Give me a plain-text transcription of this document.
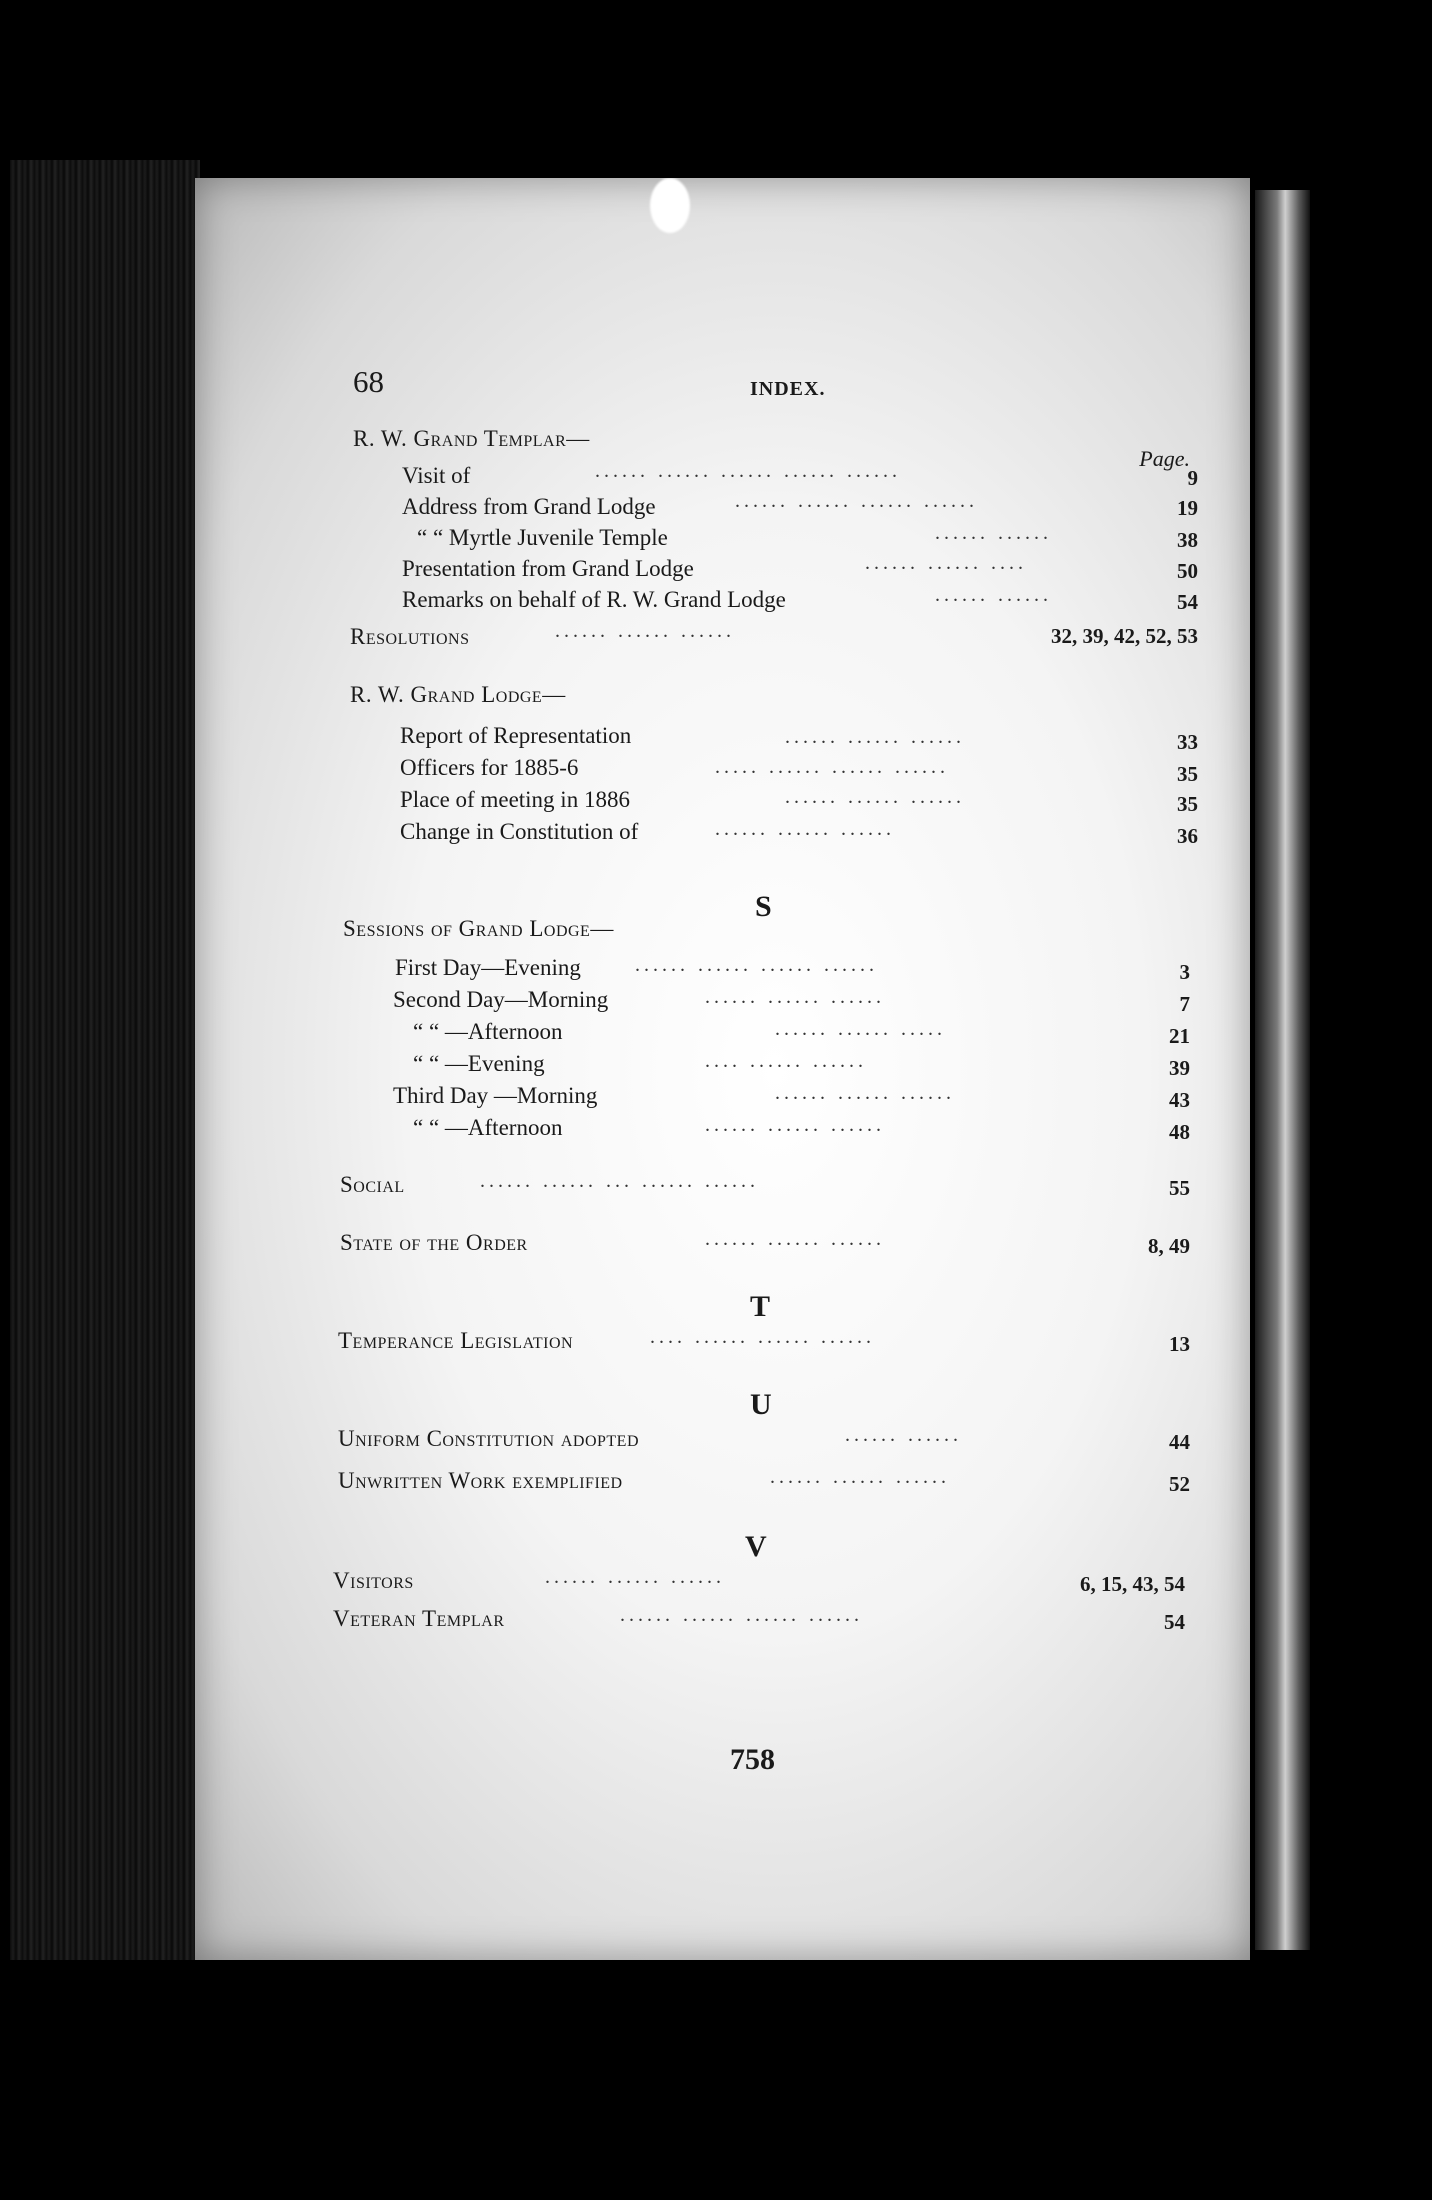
68	INDEX.
Page.
R. W. Grand Templar—
Visit of	...... ...... ...... ...... ......	9
Address from Grand Lodge	...... ...... ...... ......	19
“ “ Myrtle Juvenile Temple	...... ......	38
Presentation from Grand Lodge	...... ...... ....	50
Remarks on behalf of R. W. Grand Lodge	...... ......	54
Resolutions	...... ...... ......	32, 39, 42, 52, 53
R. W. Grand Lodge—
Report of Representation	...... ...... ......	33
Officers for 1885-6	..... ...... ...... ......	35
Place of meeting in 1886	...... ...... ......	35
Change in Constitution of	...... ...... ......	36
S
Sessions of Grand Lodge—
First Day—Evening	...... ...... ...... ......	3
Second Day—Morning	...... ...... ......	7
“ “ —Afternoon	...... ...... .....	21
“ “ —Evening	.... ...... ......	39
Third Day —Morning	...... ...... ......	43
“ “ —Afternoon	...... ...... ......	48
Social	...... ...... ... ...... ......	55
State of the Order	...... ...... ......	8, 49
T
Temperance Legislation	.... ...... ...... ......	13
U
Uniform Constitution adopted	...... ......	44
Unwritten Work exemplified	...... ...... ......	52
V
Visitors	...... ...... ......	6, 15, 43, 54
Veteran Templar	...... ...... ...... ......	54
758
